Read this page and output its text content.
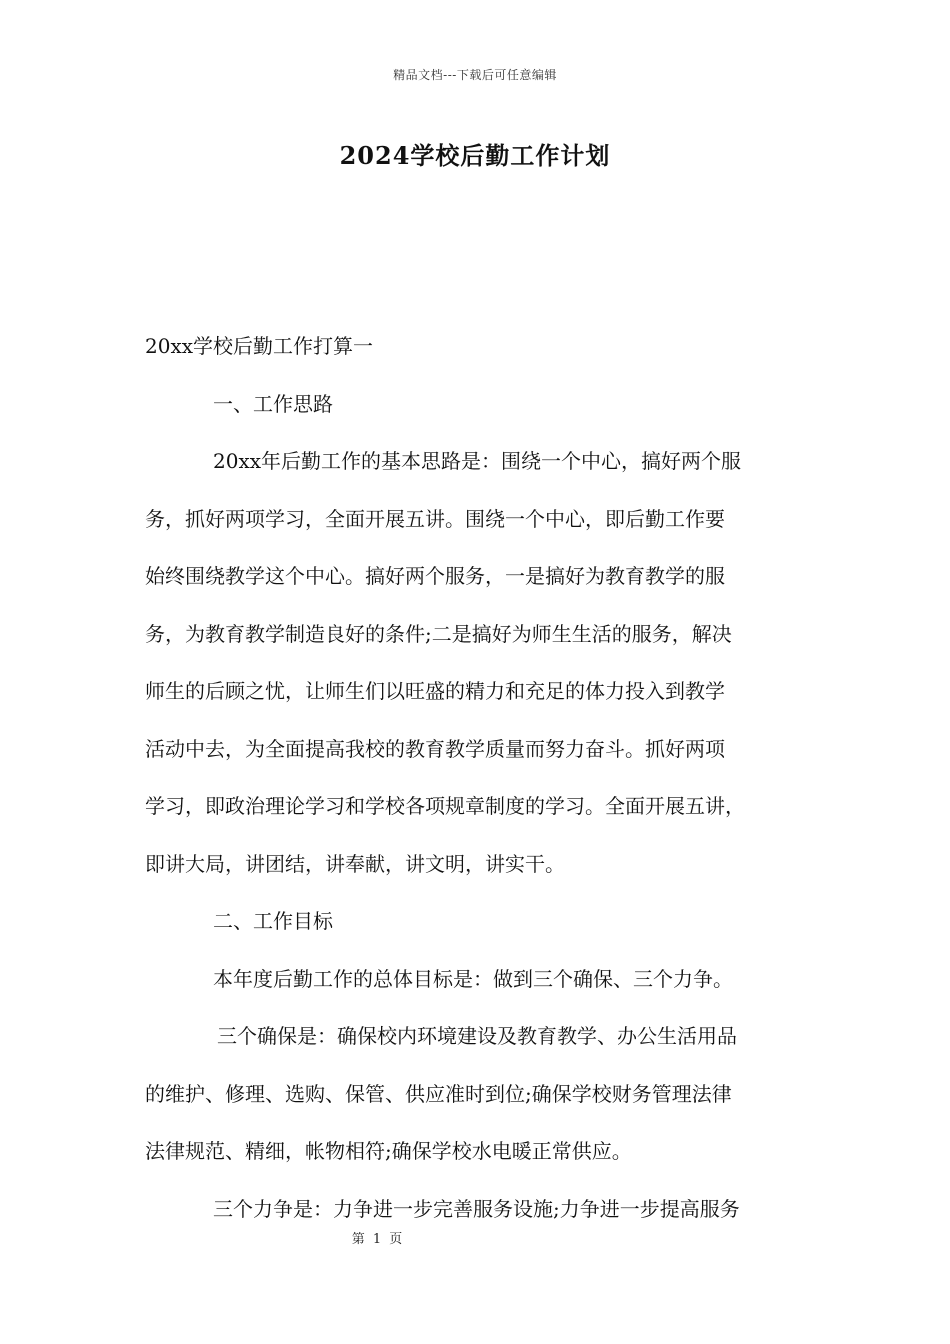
精品文档---下载后可任意编辑
2024学校后勤工作计划

20xx学校后勤工作打算一

一、工作思路

20xx年后勤工作的基本思路是：围绕一个中心，搞好两个服

务，抓好两项学习，全面开展五讲。围绕一个中心，即后勤工作要

始终围绕教学这个中心。搞好两个服务，一是搞好为教育教学的服

务，为教育教学制造良好的条件;二是搞好为师生生活的服务，解决

师生的后顾之忧，让师生们以旺盛的精力和充足的体力投入到教学

活动中去，为全面提高我校的教育教学质量而努力奋斗。抓好两项

学习，即政治理论学习和学校各项规章制度的学习。全面开展五讲，

即讲大局，讲团结，讲奉献，讲文明，讲实干。

二、工作目标

本年度后勤工作的总体目标是：做到三个确保、三个力争。

三个确保是：确保校内环境建设及教育教学、办公生活用品

的维护、修理、选购、保管、供应准时到位;确保学校财务管理法律

法律规范、精细，帐物相符;确保学校水电暖正常供应。

三个力争是：力争进一步完善服务设施;力争进一步提高服务

第 1 页
